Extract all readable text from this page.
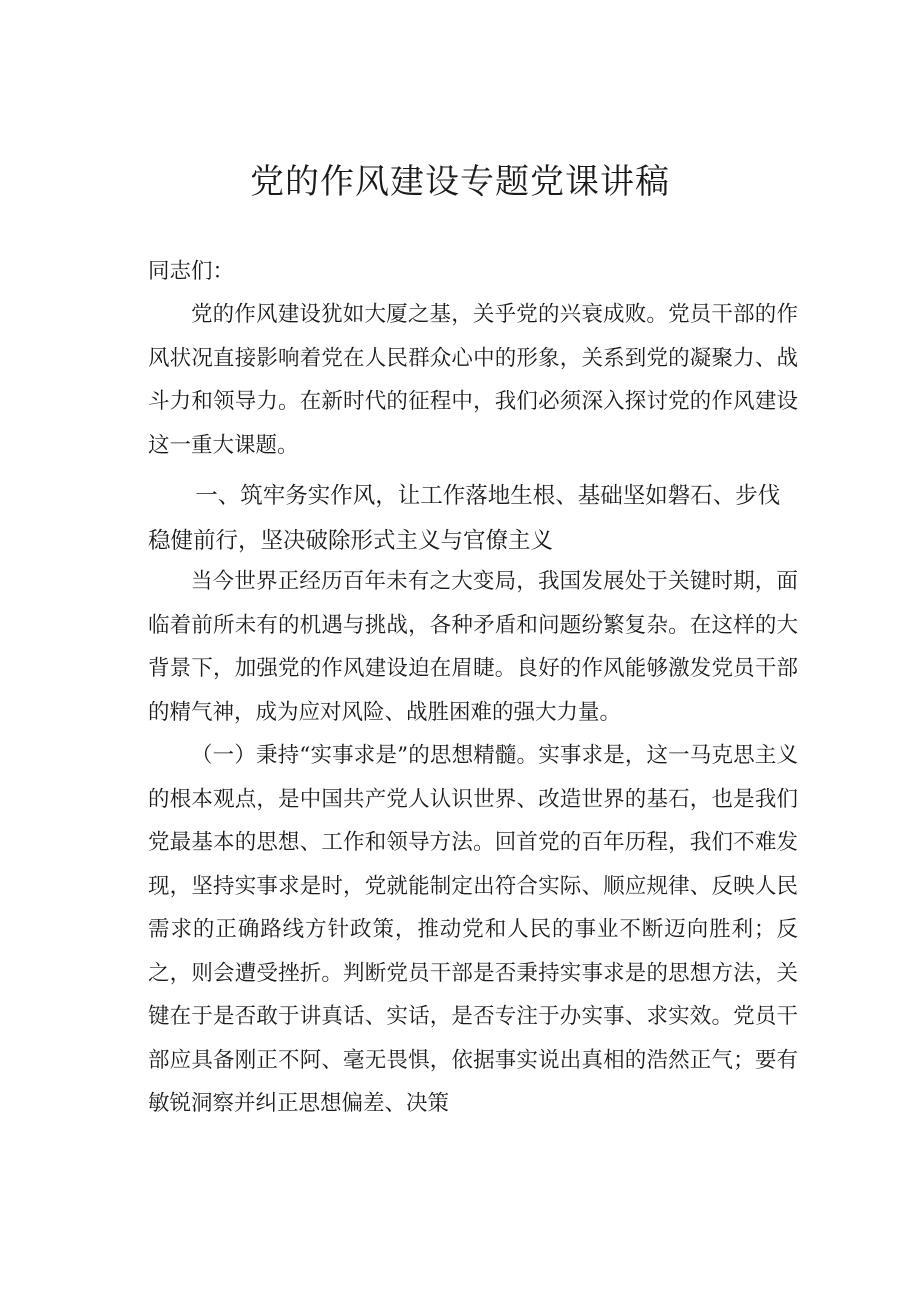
党的作风建设专题党课讲稿

同志们：

党的作风建设犹如大厦之基，关乎党的兴衰成败。党员干部的作风状况直接影响着党在人民群众心中的形象，关系到党的凝聚力、战斗力和领导力。在新时代的征程中，我们必须深入探讨党的作风建设这一重大课题。

一、筑牢务实作风，让工作落地生根、基础坚如磐石、步伐稳健前行，坚决破除形式主义与官僚主义

当今世界正经历百年未有之大变局，我国发展处于关键时期，面临着前所未有的机遇与挑战，各种矛盾和问题纷繁复杂。在这样的大背景下，加强党的作风建设迫在眉睫。良好的作风能够激发党员干部的精气神，成为应对风险、战胜困难的强大力量。

（一）秉持“实事求是”的思想精髓。实事求是，这一马克思主义的根本观点，是中国共产党人认识世界、改造世界的基石，也是我们党最基本的思想、工作和领导方法。回首党的百年历程，我们不难发现，坚持实事求是时，党就能制定出符合实际、顺应规律、反映人民需求的正确路线方针政策，推动党和人民的事业不断迈向胜利；反之，则会遭受挫折。判断党员干部是否秉持实事求是的思想方法，关键在于是否敢于讲真话、实话，是否专注于办实事、求实效。党员干部应具备刚正不阿、毫无畏惧，依据事实说出真相的浩然正气；要有敏锐洞察并纠正思想偏差、决策
